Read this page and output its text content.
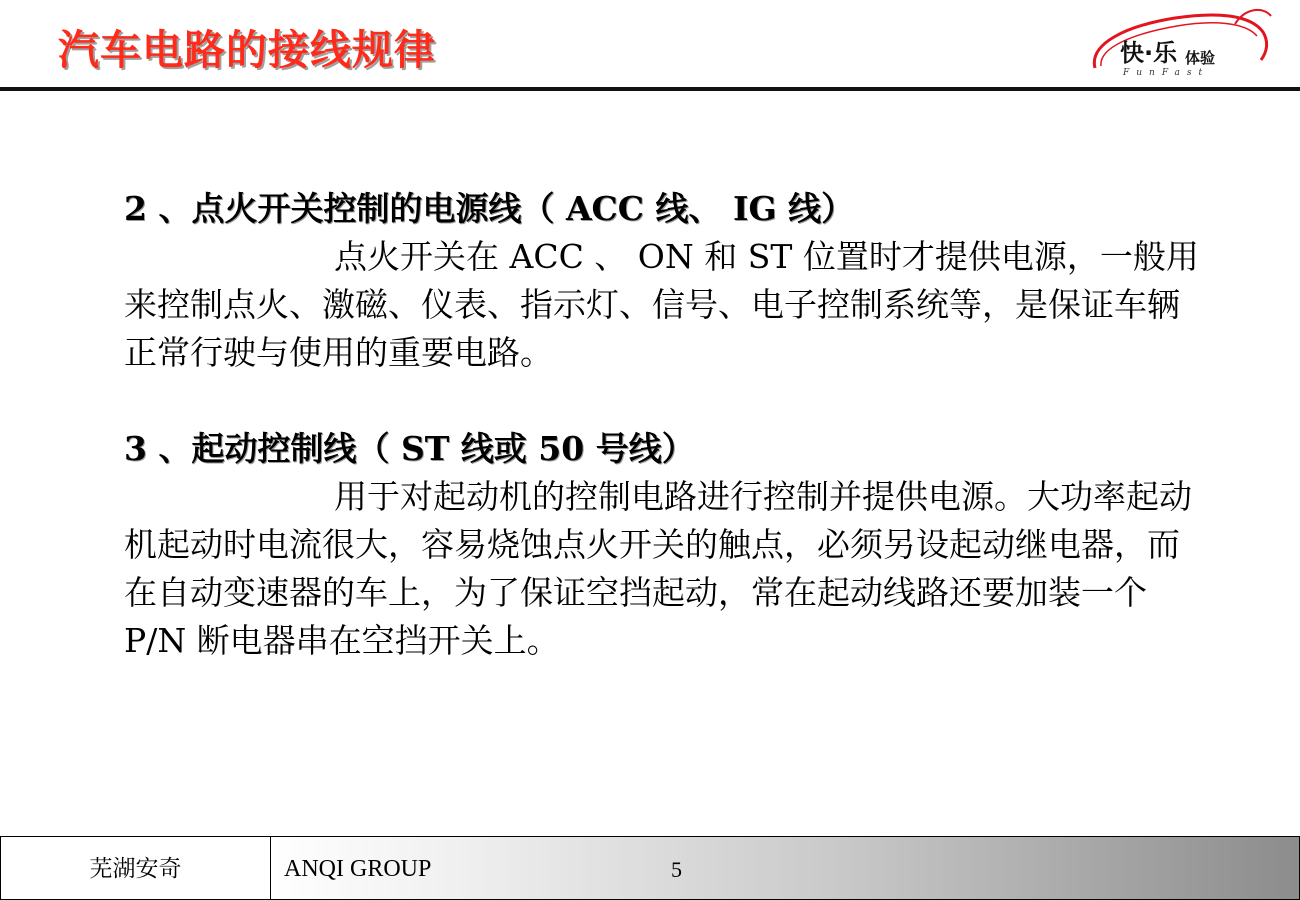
汽车电路的接线规律	快·乐 体验
FunFast

2 、点火开关控制的电源线（ ACC 线、 IG 线）

点火开关在 ACC 、 ON 和 ST 位置时才提供电源，一般用来控制点火、激磁、仪表、指示灯、信号、电子控制系统等，是保证车辆正常行驶与使用的重要电路。

3 、起动控制线（ ST 线或 50 号线）

用于对起动机的控制电路进行控制并提供电源。大功率起动机起动时电流很大，容易烧蚀点火开关的触点，必须另设起动继电器，而在自动变速器的车上，为了保证空挡起动，常在起动线路还要加装一个 P/N 断电器串在空挡开关上。

芜湖安奇	ANQI GROUP	5
